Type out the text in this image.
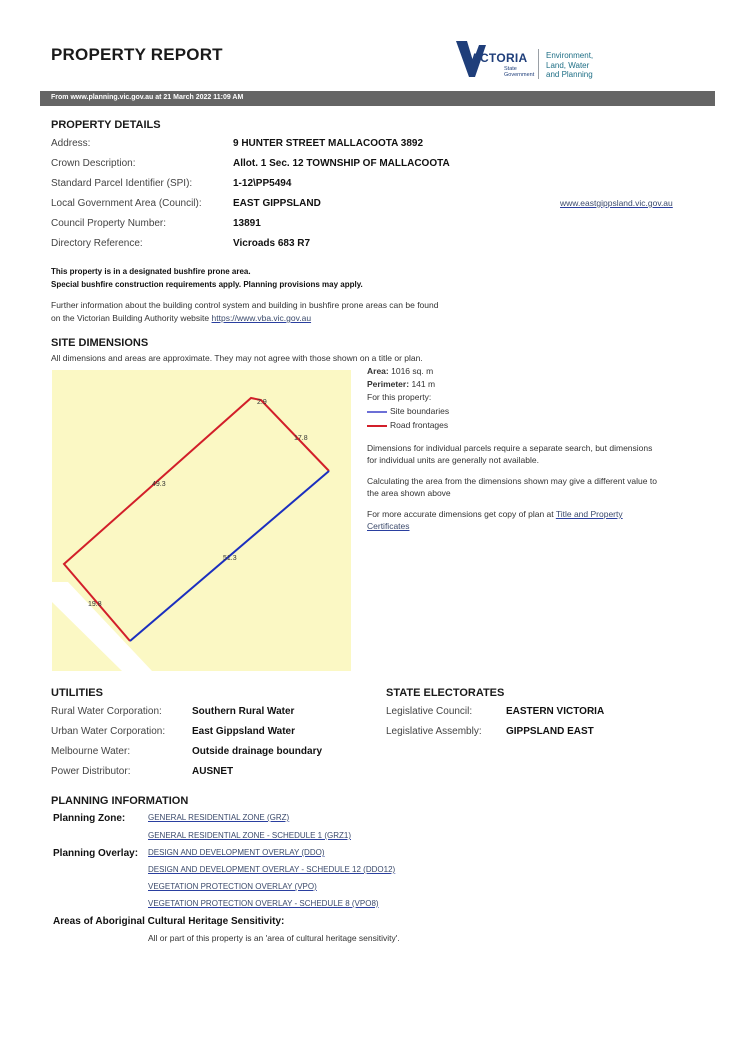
PROPERTY REPORT	VICTORIA
State
Government
Environment,
Land, Water
and Planning
From www.planning.vic.gov.au at 21 March 2022 11:09 AM
PROPERTY DETAILS
Address:	9 HUNTER STREET MALLACOOTA 3892
Crown Description:	Allot. 1 Sec. 12 TOWNSHIP OF MALLACOOTA
Standard Parcel Identifier (SPI):	1-12\PP5494
Local Government Area (Council):	EAST GIPPSLAND	www.eastgippsland.vic.gov.au
Council Property Number:	13891
Directory Reference:	Vicroads 683 R7
This property is in a designated bushfire prone area.
Special bushfire construction requirements apply. Planning provisions may apply.
Further information about the building control system and building in bushfire prone areas can be found
on the Victorian Building Authority website https://www.vba.vic.gov.au
SITE DIMENSIONS
All dimensions and areas are approximate. They may not agree with those shown on a title or plan.
2.9
17.8
49.3
51.3
19.8
Area: 1016 sq. m
Perimeter: 141 m
For this property:
Site boundaries
Road frontages
Dimensions for individual parcels require a separate search, but dimensions
for individual units are generally not available.
Calculating the area from the dimensions shown may give a different value to
the area shown above
For more accurate dimensions get copy of plan at Title and Property
Certificates
UTILITIES
Rural Water Corporation:	Southern Rural Water
Urban Water Corporation:	East Gippsland Water
Melbourne Water:	Outside drainage boundary
Power Distributor:	AUSNET
STATE ELECTORATES
Legislative Council:	EASTERN VICTORIA
Legislative Assembly: GIPPSLAND EAST
PLANNING INFORMATION
Planning Zone:	GENERAL RESIDENTIAL ZONE (GRZ)
GENERAL RESIDENTIAL ZONE - SCHEDULE 1 (GRZ1)
Planning Overlay: DESIGN AND DEVELOPMENT OVERLAY (DDO)
DESIGN AND DEVELOPMENT OVERLAY - SCHEDULE 12 (DDO12)
VEGETATION PROTECTION OVERLAY (VPO)
VEGETATION PROTECTION OVERLAY - SCHEDULE 8 (VPO8)
Areas of Aboriginal Cultural Heritage Sensitivity:
All or part of this property is an 'area of cultural heritage sensitivity'.
